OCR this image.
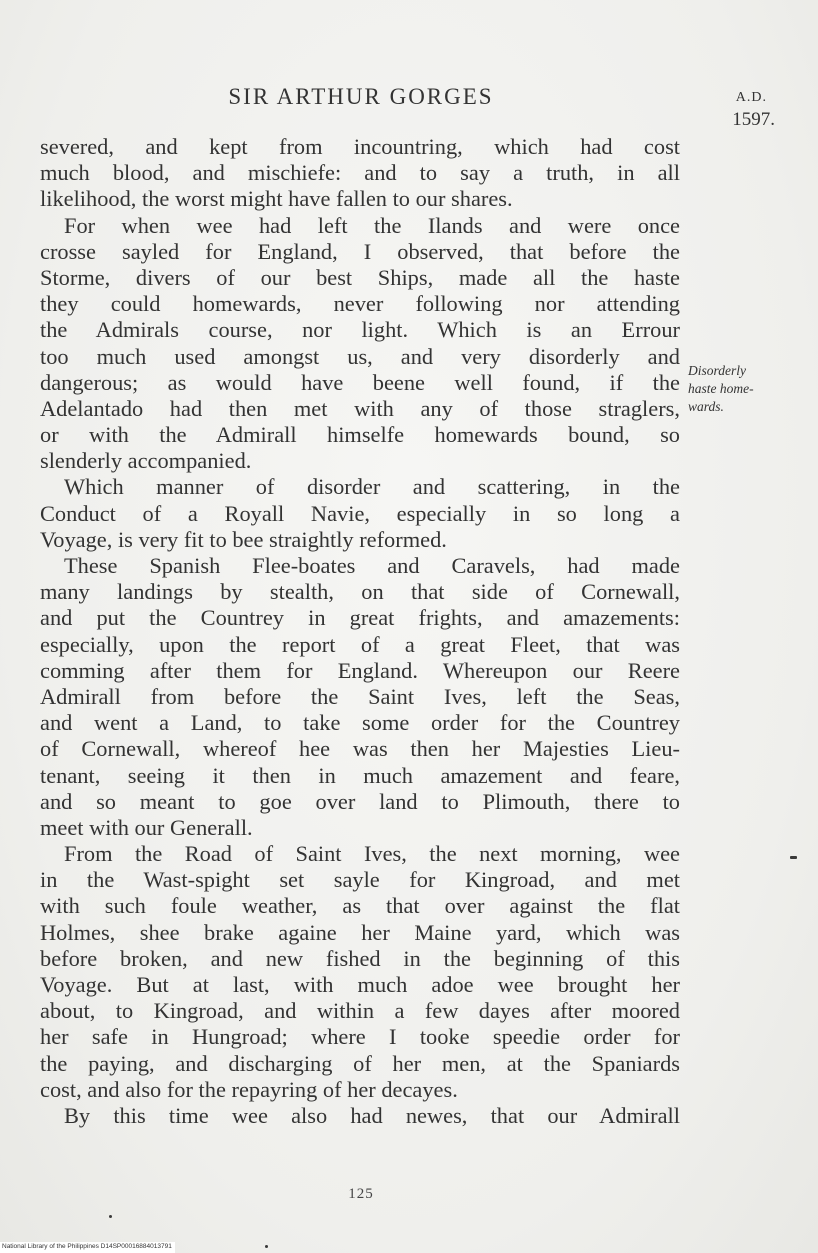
SIR ARTHUR GORGES	A.D.
1597.
severed, and kept from incountring, which had cost
much blood, and mischiefe: and to say a truth, in all
likelihood, the worst might have fallen to our shares.
For when wee had left the Ilands and were once
crosse sayled for England, I observed, that before the
Storme, divers of our best Ships, made all the haste
they could homewards, never following nor attending
the Admirals course, nor light. Which is an Errour
too much used amongst us, and very disorderly and
dangerous; as would have beene well found, if the
Adelantado had then met with any of those straglers,
or with the Admirall himselfe homewards bound, so
slenderly accompanied.
Which manner of disorder and scattering, in the
Conduct of a Royall Navie, especially in so long a
Voyage, is very fit to bee straightly reformed.
These Spanish Flee-boates and Caravels, had made
many landings by stealth, on that side of Cornewall,
and put the Countrey in great frights, and amazements:
especially, upon the report of a great Fleet, that was
comming after them for England. Whereupon our Reere
Admirall from before the Saint Ives, left the Seas,
and went a Land, to take some order for the Countrey
of Cornewall, whereof hee was then her Majesties Lieu-
tenant, seeing it then in much amazement and feare,
and so meant to goe over land to Plimouth, there to
meet with our Generall.
From the Road of Saint Ives, the next morning, wee
in the Wast-spight set sayle for Kingroad, and met
with such foule weather, as that over against the flat
Holmes, shee brake againe her Maine yard, which was
before broken, and new fished in the beginning of this
Voyage. But at last, with much adoe wee brought her
about, to Kingroad, and within a few dayes after moored
her safe in Hungroad; where I tooke speedie order for
the paying, and discharging of her men, at the Spaniards
cost, and also for the repayring of her decayes.
By this time wee also had newes, that our Admirall
Disorderly
haste home-
wards.
125
National Library of the Philippines D14SP00016884013791
